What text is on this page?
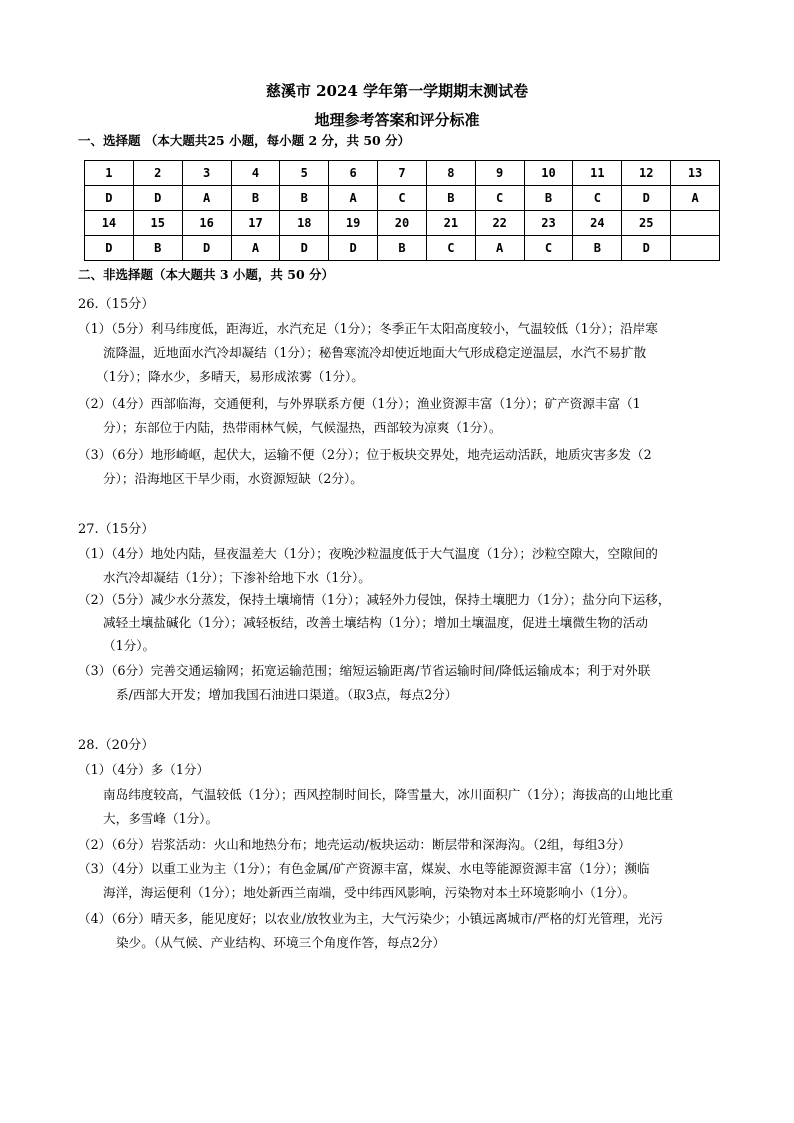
慈溪市 2024 学年第一学期期末测试卷
地理参考答案和评分标准
一、选择题 （本大题共25 小题，每小题 2 分，共 50 分）
1	2	3	4	5	6	7	8	9	10	11	12	13
D	D	A	B	B	A	C	B	C	B	C	D	A
14	15	16	17	18	19	20	21	22	23	24	25	
D	B	D	A	D	D	B	C	A	C	B	D	
二、非选择题（本大题共 3 小题，共 50 分）
26.（15分）
（1）（5分）利马纬度低，距海近，水汽充足（1分）；冬季正午太阳高度较小，气温较低（1分）；沿岸寒
流降温，近地面水汽冷却凝结（1分）；秘鲁寒流冷却使近地面大气形成稳定逆温层，水汽不易扩散
（1分）；降水少，多晴天，易形成浓雾（1分）。
（2）（4分）西部临海，交通便利，与外界联系方便（1分）；渔业资源丰富（1分）；矿产资源丰富（1
分）；东部位于内陆，热带雨林气候，气候湿热，西部较为凉爽（1分）。
（3）（6分）地形崎岖，起伏大，运输不便（2分）；位于板块交界处，地壳运动活跃，地质灾害多发（2
分）；沿海地区干旱少雨，水资源短缺（2分）。
27.（15分）
（1）（4分）地处内陆，昼夜温差大（1分）；夜晚沙粒温度低于大气温度（1分）；沙粒空隙大，空隙间的
水汽冷却凝结（1分）；下渗补给地下水（1分）。
（2）（5分）减少水分蒸发，保持土壤墒情（1分）；减轻外力侵蚀，保持土壤肥力（1分）；盐分向下运移，
减轻土壤盐碱化（1分）；减轻板结，改善土壤结构（1分）；增加土壤温度，促进土壤微生物的活动
（1分）。
（3）（6分）完善交通运输网；拓宽运输范围；缩短运输距离/节省运输时间/降低运输成本；利于对外联
系/西部大开发；增加我国石油进口渠道。（取3点，每点2分）
28.（20分）
（1）（4分）多（1分）
南岛纬度较高，气温较低（1分）；西风控制时间长，降雪量大，冰川面积广（1分）；海拔高的山地比重
大，多雪峰（1分）。
（2）（6分）岩浆活动：火山和地热分布；地壳运动/板块运动：断层带和深海沟。（2组，每组3分）
（3）（4分）以重工业为主（1分）；有色金属/矿产资源丰富，煤炭、水电等能源资源丰富（1分）；濒临
海洋，海运便利（1分）；地处新西兰南端，受中纬西风影响，污染物对本土环境影响小（1分）。
（4）（6分）晴天多，能见度好；以农业/放牧业为主，大气污染少；小镇远离城市/严格的灯光管理，光污
染少。（从气候、产业结构、环境三个角度作答，每点2分）
